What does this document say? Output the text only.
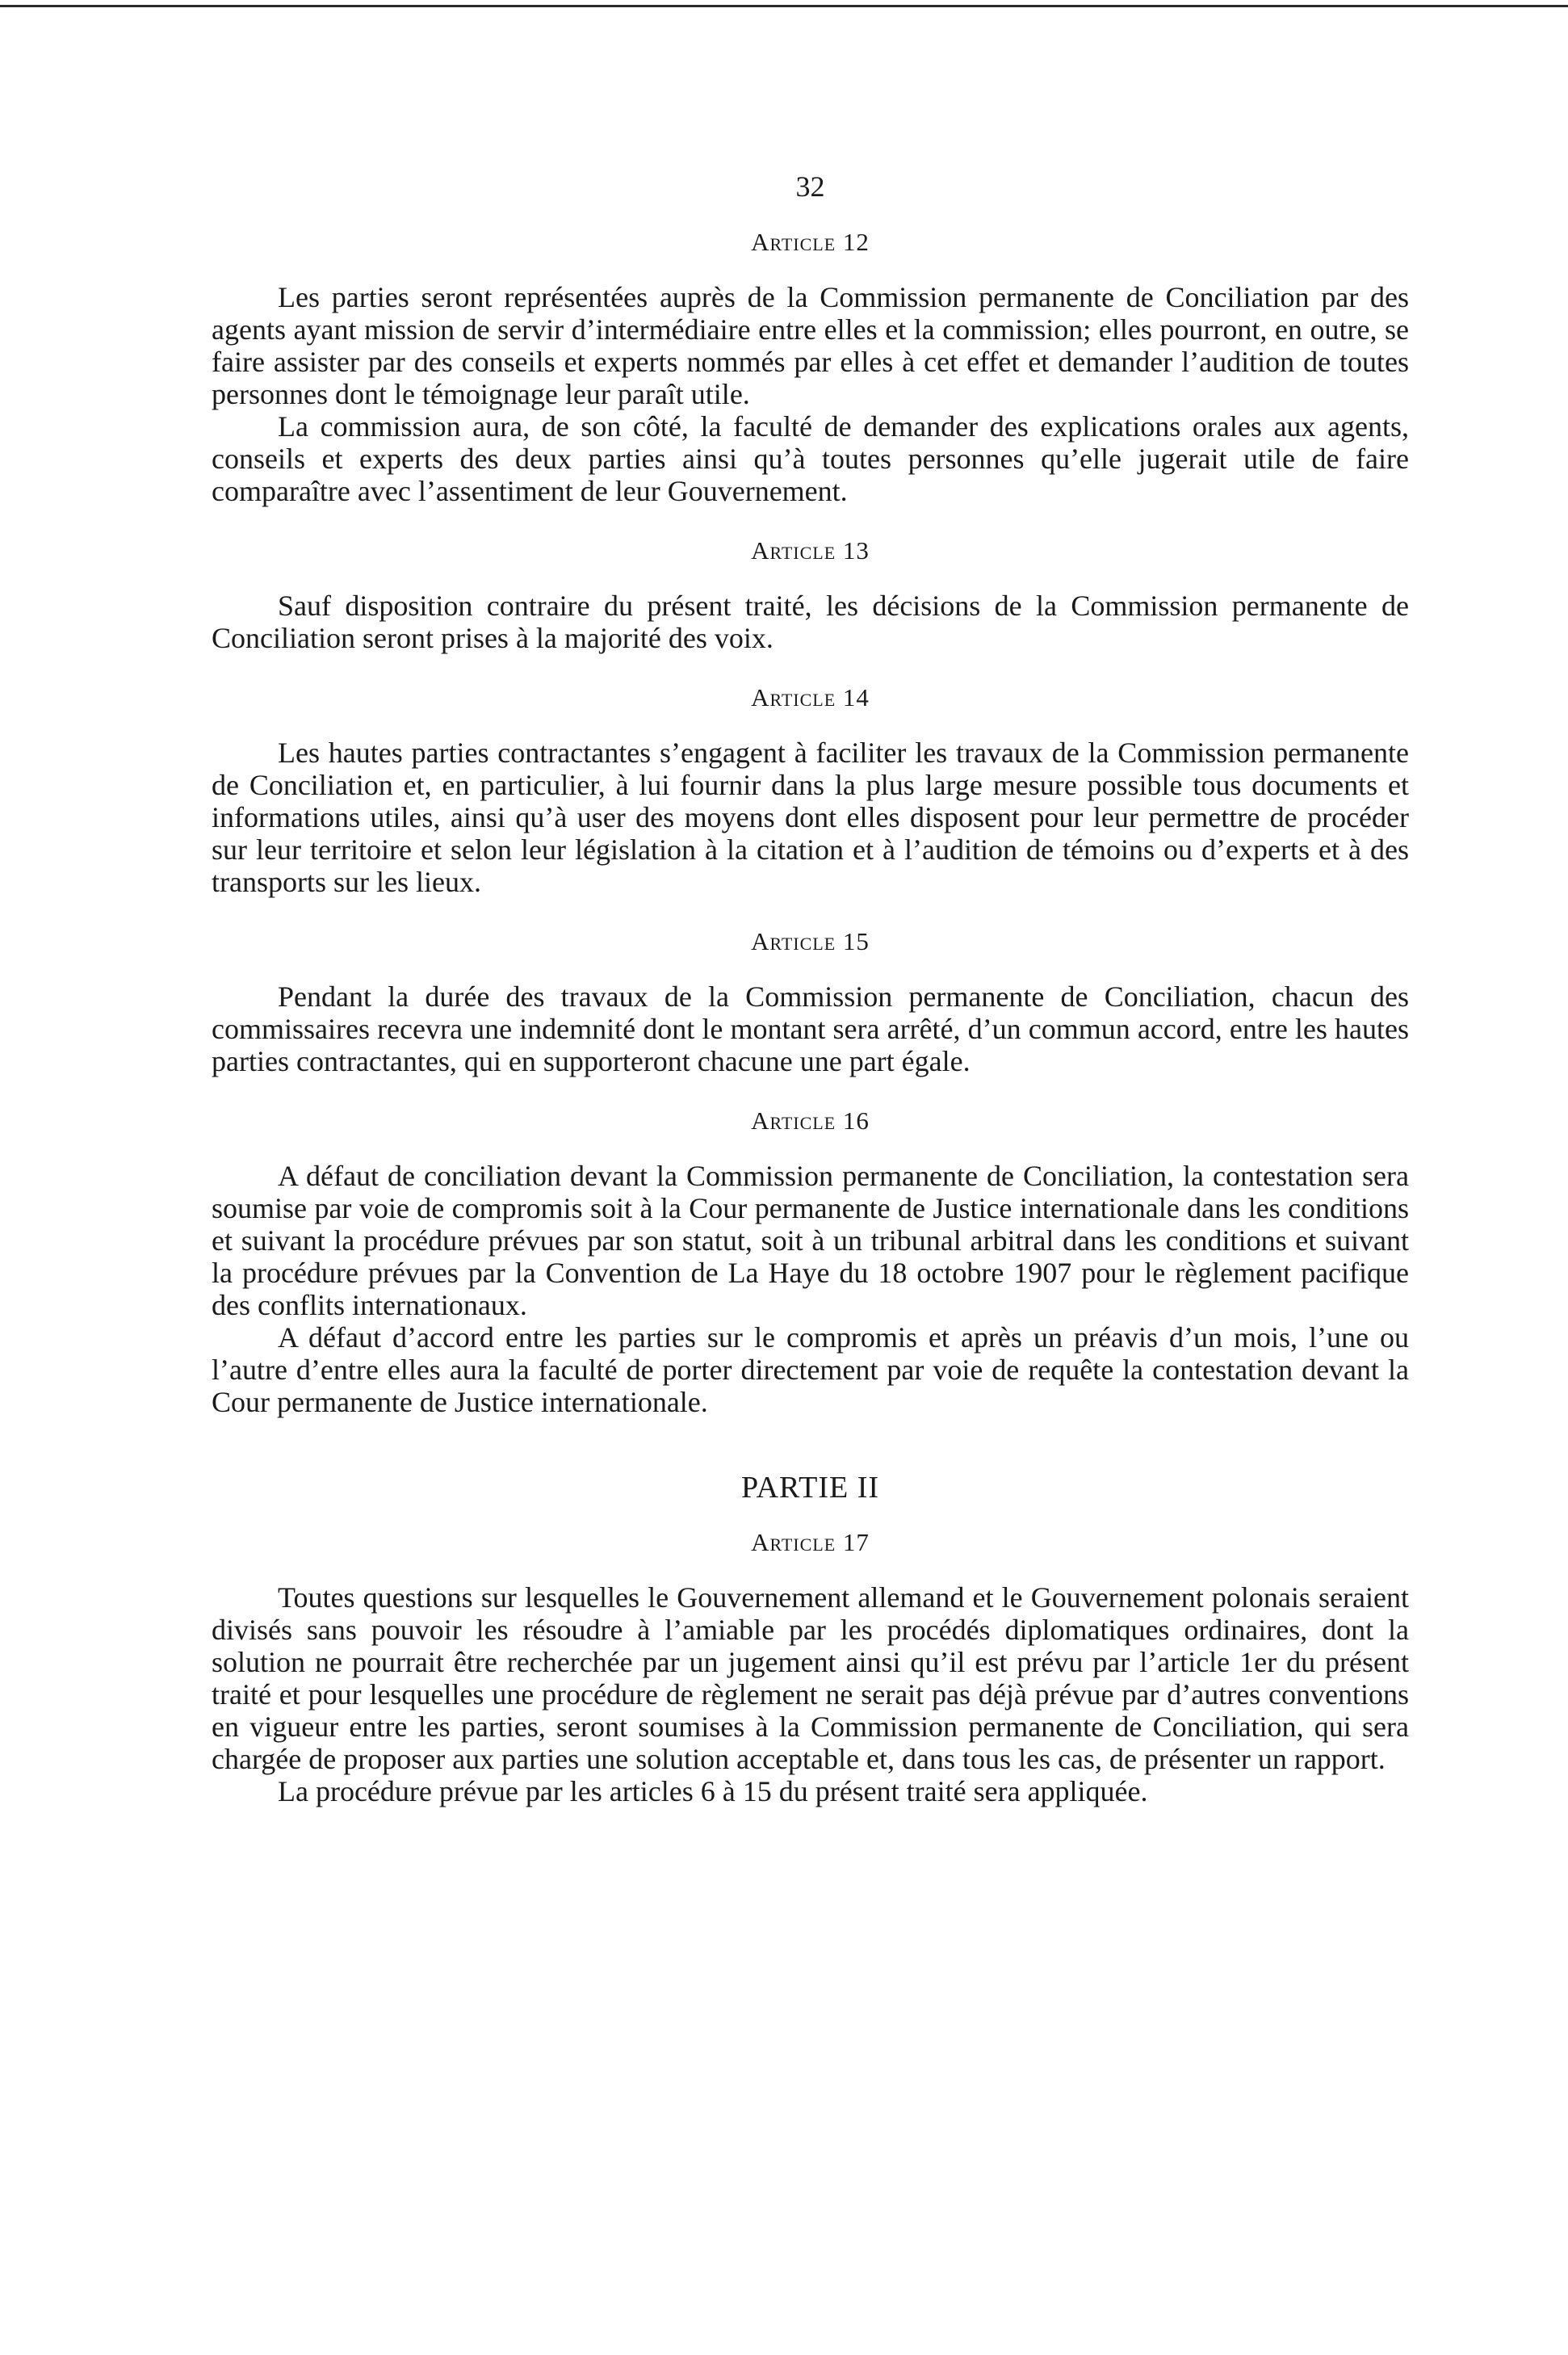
32
Article 12

Les parties seront représentées auprès de la Commission permanente de Conciliation par des agents ayant mission de servir d’intermédiaire entre elles et la commission; elles pourront, en outre, se faire assister par des conseils et experts nommés par elles à cet effet et demander l’audition de toutes personnes dont le témoignage leur paraît utile.

La commission aura, de son côté, la faculté de demander des explications orales aux agents, conseils et experts des deux parties ainsi qu’à toutes personnes qu’elle jugerait utile de faire comparaître avec l’assentiment de leur Gouvernement.

Article 13

Sauf disposition contraire du présent traité, les décisions de la Commission permanente de Conciliation seront prises à la majorité des voix.

Article 14

Les hautes parties contractantes s’engagent à faciliter les travaux de la Commission permanente de Conciliation et, en particulier, à lui fournir dans la plus large mesure possible tous documents et informations utiles, ainsi qu’à user des moyens dont elles disposent pour leur permettre de procéder sur leur territoire et selon leur législation à la citation et à l’audition de témoins ou d’experts et à des transports sur les lieux.

Article 15

Pendant la durée des travaux de la Commission permanente de Conciliation, chacun des commissaires recevra une indemnité dont le montant sera arrêté, d’un commun accord, entre les hautes parties contractantes, qui en supporteront chacune une part égale.

Article 16

A défaut de conciliation devant la Commission permanente de Conciliation, la contestation sera soumise par voie de compromis soit à la Cour permanente de Justice internationale dans les conditions et suivant la procédure prévues par son statut, soit à un tribunal arbitral dans les conditions et suivant la procédure prévues par la Convention de La Haye du 18 octobre 1907 pour le règlement pacifique des conflits internationaux.

A défaut d’accord entre les parties sur le compromis et après un préavis d’un mois, l’une ou l’autre d’entre elles aura la faculté de porter directement par voie de requête la contestation devant la Cour permanente de Justice internationale.

PARTIE II
Article 17

Toutes questions sur lesquelles le Gouvernement allemand et le Gouvernement polonais seraient divisés sans pouvoir les résoudre à l’amiable par les procédés diplomatiques ordinaires, dont la solution ne pourrait être recherchée par un jugement ainsi qu’il est prévu par l’article 1er du présent traité et pour lesquelles une procédure de règlement ne serait pas déjà prévue par d’autres conventions en vigueur entre les parties, seront soumises à la Commission permanente de Conciliation, qui sera chargée de proposer aux parties une solution acceptable et, dans tous les cas, de présenter un rapport.

La procédure prévue par les articles 6 à 15 du présent traité sera appliquée.
